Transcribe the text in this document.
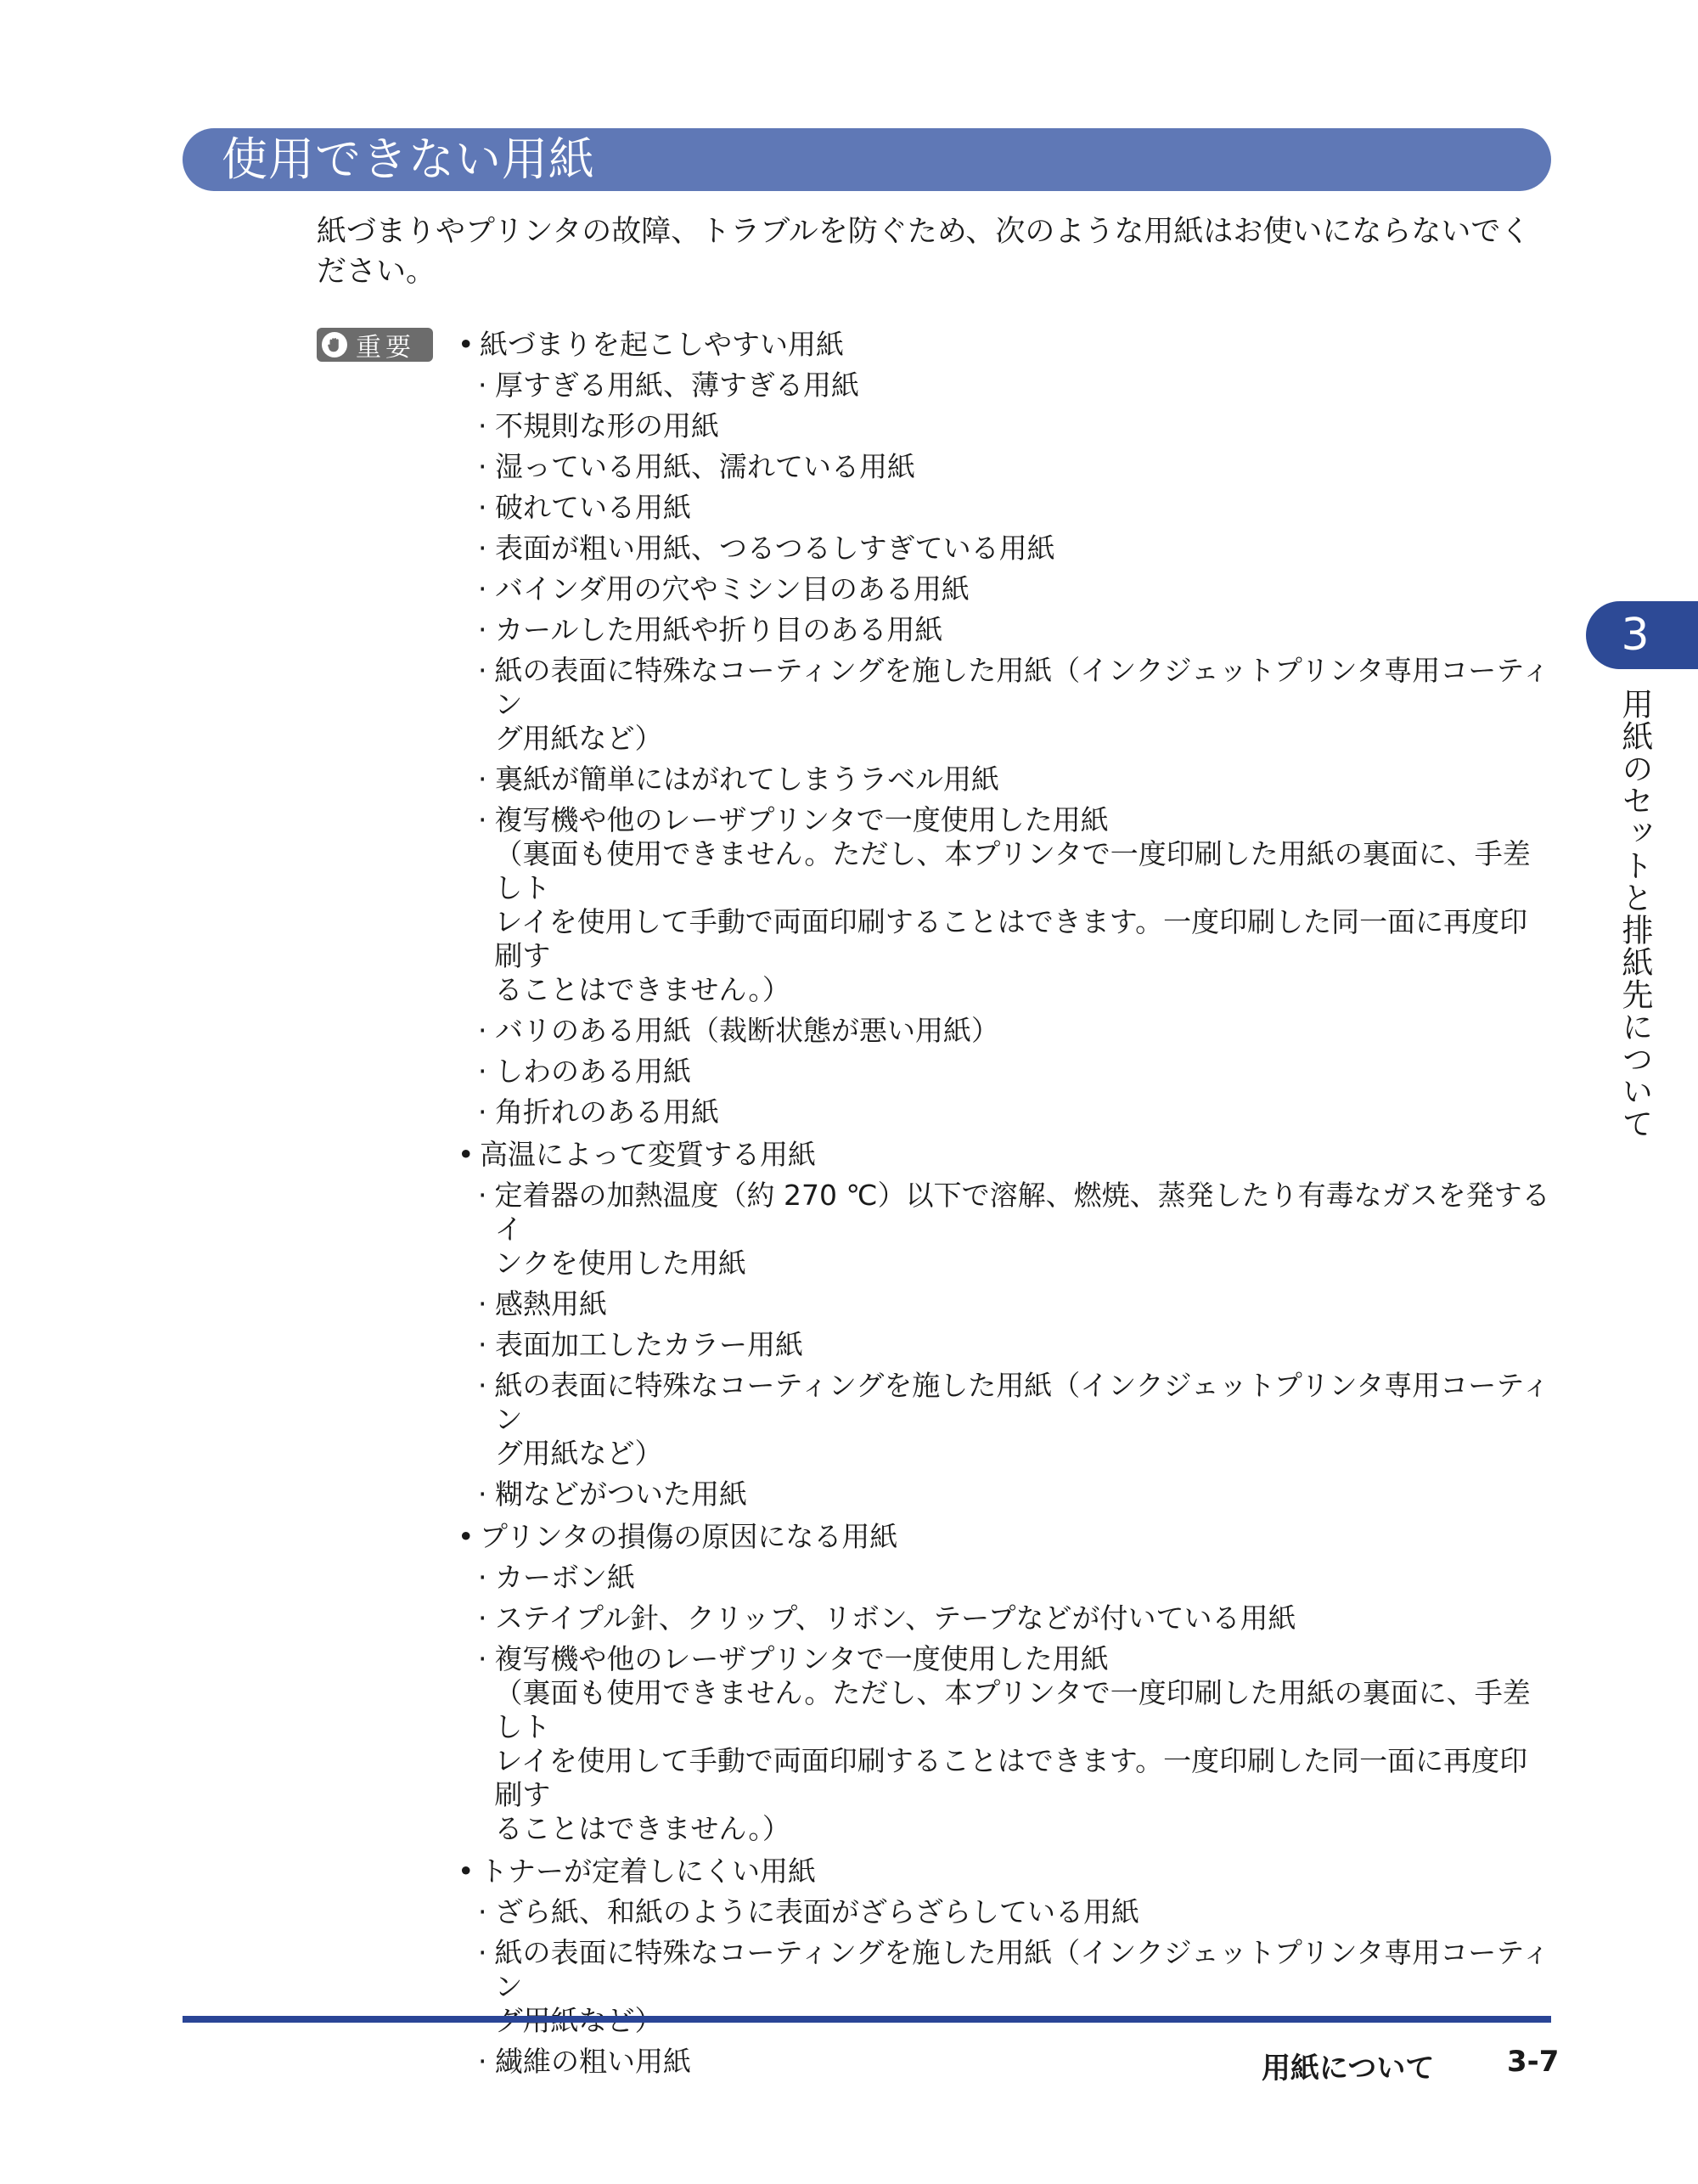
使用できない用紙

紙づまりやプリンタの故障、トラブルを防ぐため、次のような用紙はお使いにならないでください。

重要 • 紙づまりを起こしやすい用紙
· 厚すぎる用紙、薄すぎる用紙
· 不規則な形の用紙
· 湿っている用紙、濡れている用紙
· 破れている用紙
· 表面が粗い用紙、つるつるしすぎている用紙
· バインダ用の穴やミシン目のある用紙
· カールした用紙や折り目のある用紙
· 紙の表面に特殊なコーティングを施した用紙（インクジェットプリンタ専用コーティン
グ用紙など）
· 裏紙が簡単にはがれてしまうラベル用紙
· 複写機や他のレーザプリンタで一度使用した用紙
（裏面も使用できません。ただし、本プリンタで一度印刷した用紙の裏面に、手差しト
レイを使用して手動で両面印刷することはできます。一度印刷した同一面に再度印刷す
ることはできません。）
· バリのある用紙（裁断状態が悪い用紙）
· しわのある用紙
· 角折れのある用紙
• 高温によって変質する用紙
· 定着器の加熱温度（約 270 ℃）以下で溶解、燃焼、蒸発したり有毒なガスを発するイ
ンクを使用した用紙
· 感熱用紙
· 表面加工したカラー用紙
· 紙の表面に特殊なコーティングを施した用紙（インクジェットプリンタ専用コーティン
グ用紙など）
· 糊などがついた用紙
• プリンタの損傷の原因になる用紙
· カーボン紙
· ステイプル針、クリップ、リボン、テープなどが付いている用紙
· 複写機や他のレーザプリンタで一度使用した用紙
（裏面も使用できません。ただし、本プリンタで一度印刷した用紙の裏面に、手差しト
レイを使用して手動で両面印刷することはできます。一度印刷した同一面に再度印刷す
ることはできません。）
• トナーが定着しにくい用紙
· ざら紙、和紙のように表面がざらざらしている用紙
· 紙の表面に特殊なコーティングを施した用紙（インクジェットプリンタ専用コーティン
· 繊維の粗い用紙
3
用紙のセットと排紙先について
用紙について	3-7
